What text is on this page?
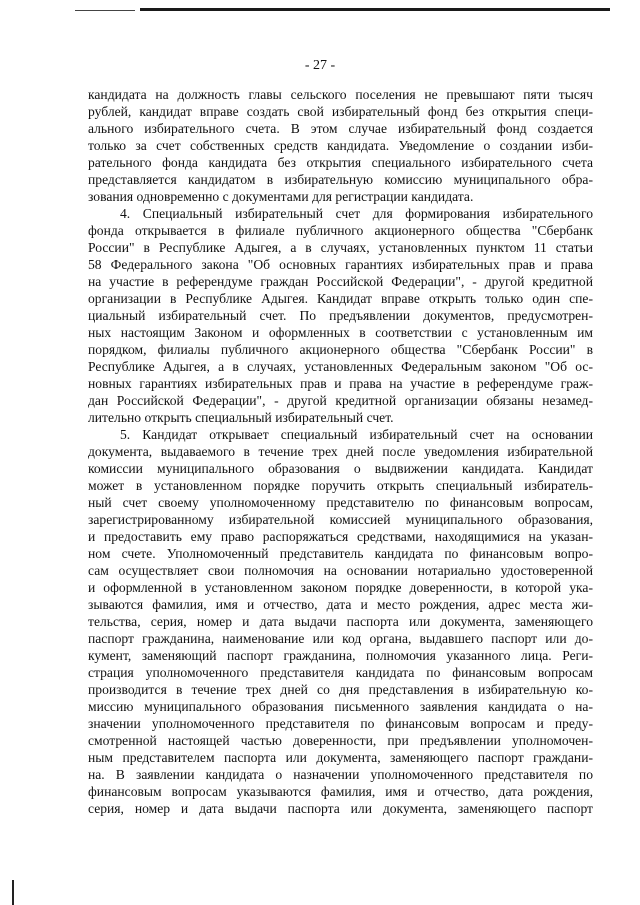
- 27 -
кандидата на должность главы сельского поселения не превышают пяти тысяч
рублей, кандидат вправе создать свой избирательный фонд без открытия специ-
ального избирательного счета. В этом случае избирательный фонд создается
только за счет собственных средств кандидата. Уведомление о создании изби-
рательного фонда кандидата без открытия специального избирательного счета
представляется кандидатом в избирательную комиссию муниципального обра-
зования одновременно с документами для регистрации кандидата.
4. Специальный избирательный счет для формирования избирательного
фонда открывается в филиале публичного акционерного общества "Сбербанк
России" в Республике Адыгея, а в случаях, установленных пунктом 11 статьи
58 Федерального закона "Об основных гарантиях избирательных прав и права
на участие в референдуме граждан Российской Федерации", - другой кредитной
организации в Республике Адыгея. Кандидат вправе открыть только один спе-
циальный избирательный счет. По предъявлении документов, предусмотрен-
ных настоящим Законом и оформленных в соответствии с установленным им
порядком, филиалы публичного акционерного общества "Сбербанк России" в
Республике Адыгея, а в случаях, установленных Федеральным законом "Об ос-
новных гарантиях избирательных прав и права на участие в референдуме граж-
дан Российской Федерации", - другой кредитной организации обязаны незамед-
лительно открыть специальный избирательный счет.
5. Кандидат открывает специальный избирательный счет на основании
документа, выдаваемого в течение трех дней после уведомления избирательной
комиссии муниципального образования о выдвижении кандидата. Кандидат
может в установленном порядке поручить открыть специальный избиратель-
ный счет своему уполномоченному представителю по финансовым вопросам,
зарегистрированному избирательной комиссией муниципального образования,
и предоставить ему право распоряжаться средствами, находящимися на указан-
ном счете. Уполномоченный представитель кандидата по финансовым вопро-
сам осуществляет свои полномочия на основании нотариально удостоверенной
и оформленной в установленном законом порядке доверенности, в которой ука-
зываются фамилия, имя и отчество, дата и место рождения, адрес места жи-
тельства, серия, номер и дата выдачи паспорта или документа, заменяющего
паспорт гражданина, наименование или код органа, выдавшего паспорт или до-
кумент, заменяющий паспорт гражданина, полномочия указанного лица. Реги-
страция уполномоченного представителя кандидата по финансовым вопросам
производится в течение трех дней со дня представления в избирательную ко-
миссию муниципального образования письменного заявления кандидата о на-
значении уполномоченного представителя по финансовым вопросам и преду-
смотренной настоящей частью доверенности, при предъявлении уполномочен-
ным представителем паспорта или документа, заменяющего паспорт граждани-
на. В заявлении кандидата о назначении уполномоченного представителя по
финансовым вопросам указываются фамилия, имя и отчество, дата рождения,
серия, номер и дата выдачи паспорта или документа, заменяющего паспорт
